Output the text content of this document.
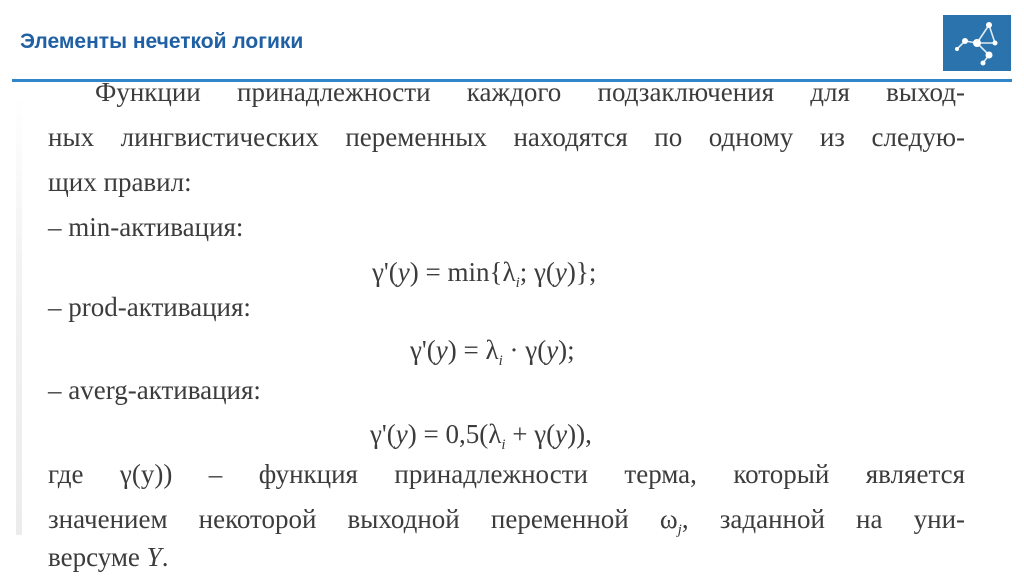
Элементы нечеткой логики
Функции принадлежности каждого подзаключения для выход-
ных лингвистических переменных находятся по одному из следую-
щих правил:
– min-активация:
$\gamma'(y) = \min\{\lambda_i$; γ(y)};
– prod-активация:
$\gamma'(y) = \lambda_i \cdot \gamma(y)$;
– averg-активация:
$\gamma'(y) = 0,5(\lambda_i + \gamma(y))$,
где γ(y)) – функция принадлежности терма, который является
значением некоторой выходной переменной $\omega_j$, заданной на уни-
версуме Y.
